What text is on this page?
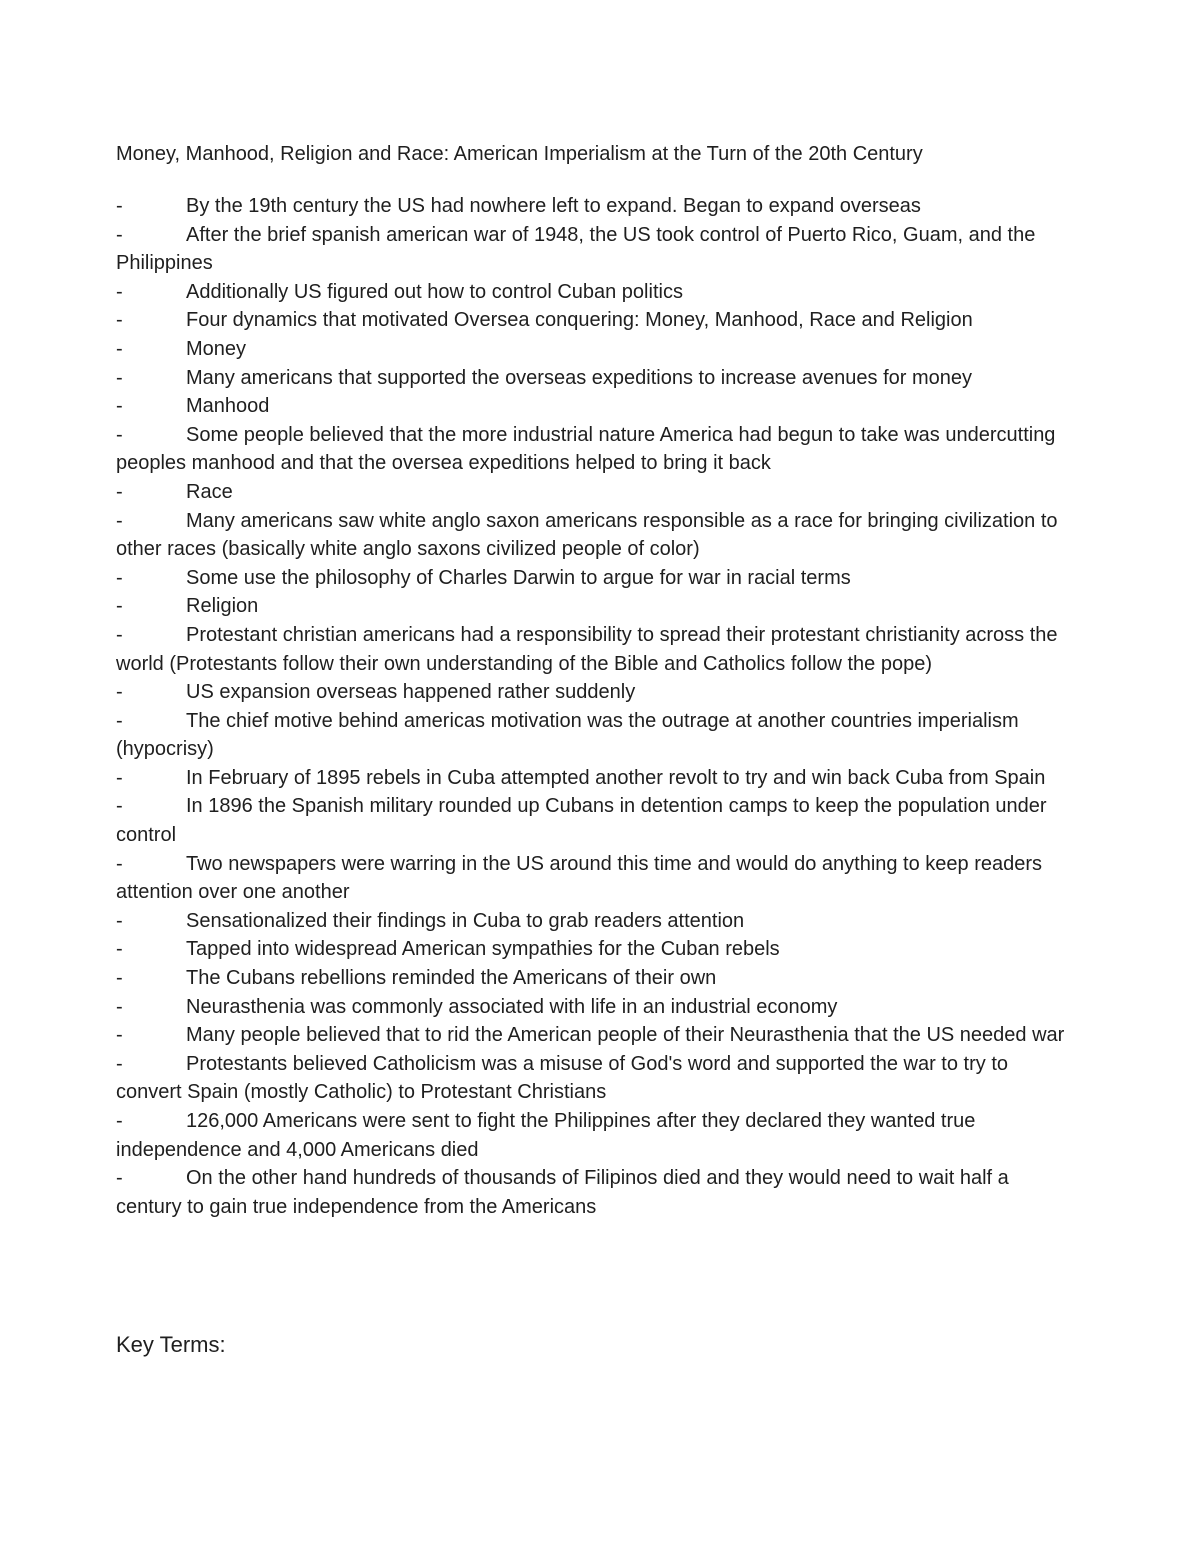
Money, Manhood, Religion and Race: American Imperialism at the Turn of the 20th Century
-	By the 19th century the US had nowhere left to expand. Began to expand overseas
-	After the brief spanish american war of 1948, the US took control of Puerto Rico, Guam, and the Philippines
-	Additionally US figured out how to control Cuban politics
-	Four dynamics that motivated Oversea conquering: Money, Manhood, Race and Religion
-	Money
-	Many americans that supported the overseas expeditions to increase avenues for money
-	Manhood
-	Some people believed that the more industrial nature America had begun to take was undercutting peoples manhood and that the oversea expeditions helped to bring it back
-	Race
-	Many americans saw white anglo saxon americans responsible as a race for bringing civilization to other races (basically white anglo saxons civilized people of color)
-	Some use the philosophy of Charles Darwin to argue for war in racial terms
-	Religion
-	Protestant christian americans had a responsibility to spread their protestant christianity across the world (Protestants follow their own understanding of the Bible and Catholics follow the pope)
-	US expansion overseas happened rather suddenly
-	The chief motive behind americas motivation was the outrage at another countries imperialism (hypocrisy)
-	In February of 1895 rebels in Cuba attempted another revolt to try and win back Cuba from Spain
-	In 1896 the Spanish military rounded up Cubans in detention camps to keep the population under control
-	Two newspapers were warring in the US around this time and would do anything to keep readers attention over one another
-	Sensationalized their findings in Cuba to grab readers attention
-	Tapped into widespread American sympathies for the Cuban rebels
-	The Cubans rebellions reminded the Americans of their own
-	Neurasthenia was commonly associated with life in an industrial economy
-	Many people believed that to rid the American people of their Neurasthenia that the US needed war
-	Protestants believed Catholicism was a misuse of God's word and supported the war to try to convert Spain (mostly Catholic) to Protestant Christians
-	126,000 Americans were sent to fight the Philippines after they declared they wanted true independence and 4,000 Americans died
-	On the other hand hundreds of thousands of Filipinos died and they would need to wait half a century to gain true independence from the Americans
Key Terms:
